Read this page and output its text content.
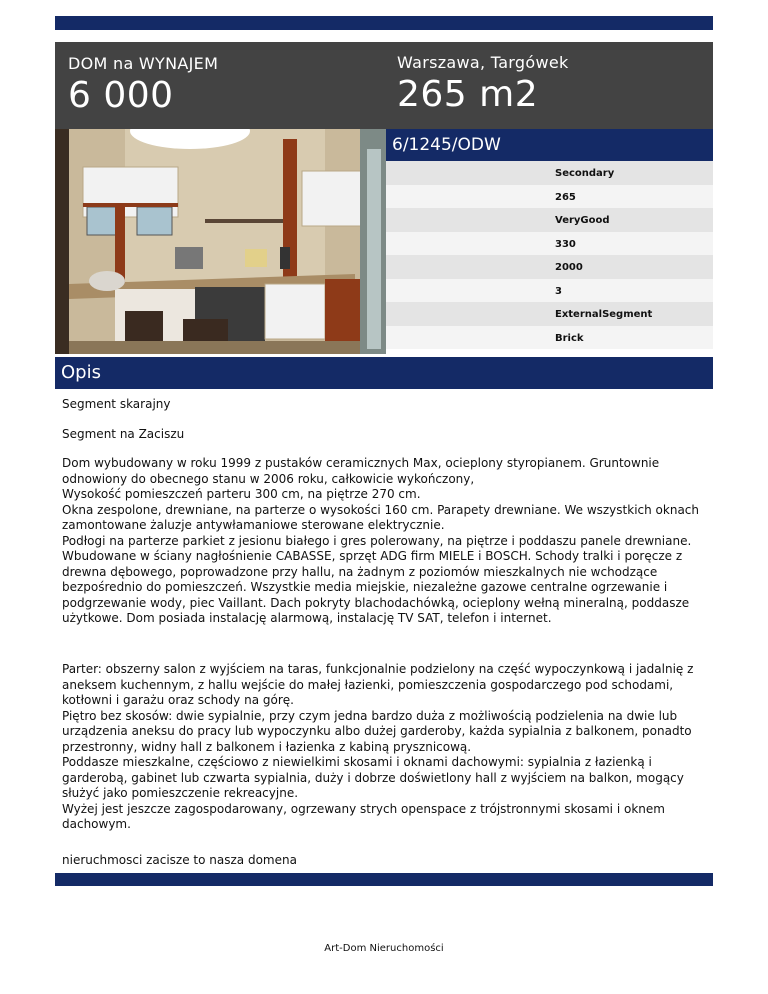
DOM na WYNAJEM
6 000
Warszawa, Targówek
265 m2
6/1245/ODW
Secondary
265
VeryGood
330
2000
3
ExternalSegment
Brick
Opis
Segment skarajny
Segment na Zaciszu
Dom wybudowany w roku 1999 z pustaków ceramicznych Max, ocieplony styropianem. Gruntownie odnowiony do obecnego stanu w 2006 roku, całkowicie wykończony,
Wysokość pomieszczeń parteru 300 cm, na piętrze 270 cm.
Okna zespolone, drewniane, na parterze o wysokości 160 cm. Parapety drewniane. We wszystkich oknach zamontowane żaluzje antywłamaniowe sterowane elektrycznie.
Podłogi na parterze parkiet z jesionu białego i gres polerowany, na piętrze i poddaszu panele drewniane. Wbudowane w ściany nagłośnienie CABASSE, sprzęt ADG firm MIELE i BOSCH. Schody tralki i poręcze z drewna dębowego, poprowadzone przy hallu, na żadnym z poziomów mieszkalnych nie wchodzące bezpośrednio do pomieszczeń. Wszystkie media miejskie, niezależne gazowe centralne ogrzewanie i podgrzewanie wody, piec Vaillant. Dach pokryty blachodachówką, ocieplony wełną mineralną, poddasze użytkowe. Dom posiada instalację alarmową, instalację TV SAT, telefon i internet.

Parter: obszerny salon z wyjściem na taras, funkcjonalnie podzielony na część wypoczynkową i jadalnię z aneksem kuchennym, z hallu wejście do małej łazienki, pomieszczenia gospodarczego pod schodami, kotłowni i garażu oraz schody na górę.
Piętro bez skosów: dwie sypialnie, przy czym jedna bardzo duża z możliwością podzielenia na dwie lub urządzenia aneksu do pracy lub wypoczynku albo dużej garderoby, każda sypialnia z balkonem, ponadto przestronny, widny hall z balkonem i łazienka z kabiną prysznicową.
Poddasze mieszkalne, częściowo z niewielkimi skosami i oknami dachowymi: sypialnia z łazienką i garderobą, gabinet lub czwarta sypialnia, duży i dobrze doświetlony hall z wyjściem na balkon, mogący służyć jako pomieszczenie rekreacyjne.
Wyżej jest jeszcze zagospodarowany, ogrzewany strych openspace z trójstronnymi skosami i oknem dachowym.
nieruchmosci zacisze to nasza domena
Art-Dom Nieruchomości
